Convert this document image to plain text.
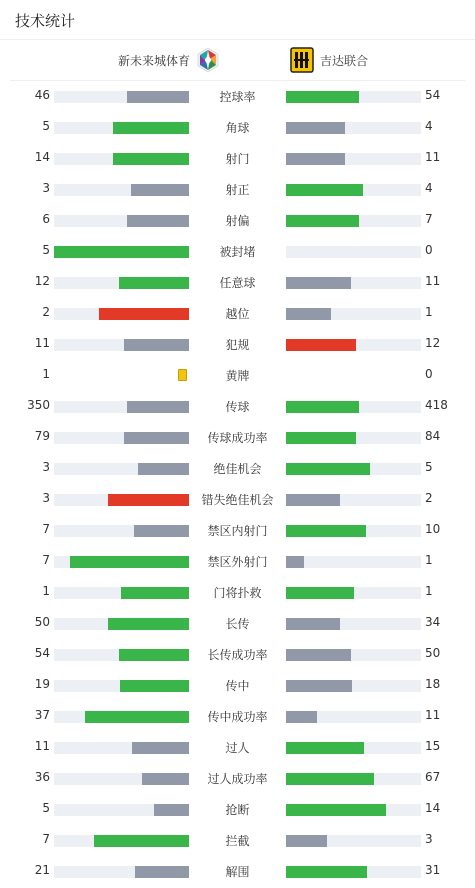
技术统计
新未来城体育	吉达联合
46	控球率	54
5	角球	4
14	射门	11
3	射正	4
6	射偏	7
5	被封堵	0
12	任意球	11
2	越位	1
11	犯规	12
1	黄牌	0
350	传球	418
79	传球成功率	84
3	绝佳机会	5
3	错失绝佳机会	2
7	禁区内射门	10
7	禁区外射门	1
1	门将扑救	1
50	长传	34
54	长传成功率	50
19	传中	18
37	传中成功率	11
11	过人	15
36	过人成功率	67
5	抢断	14
7	拦截	3
21	解围	31
